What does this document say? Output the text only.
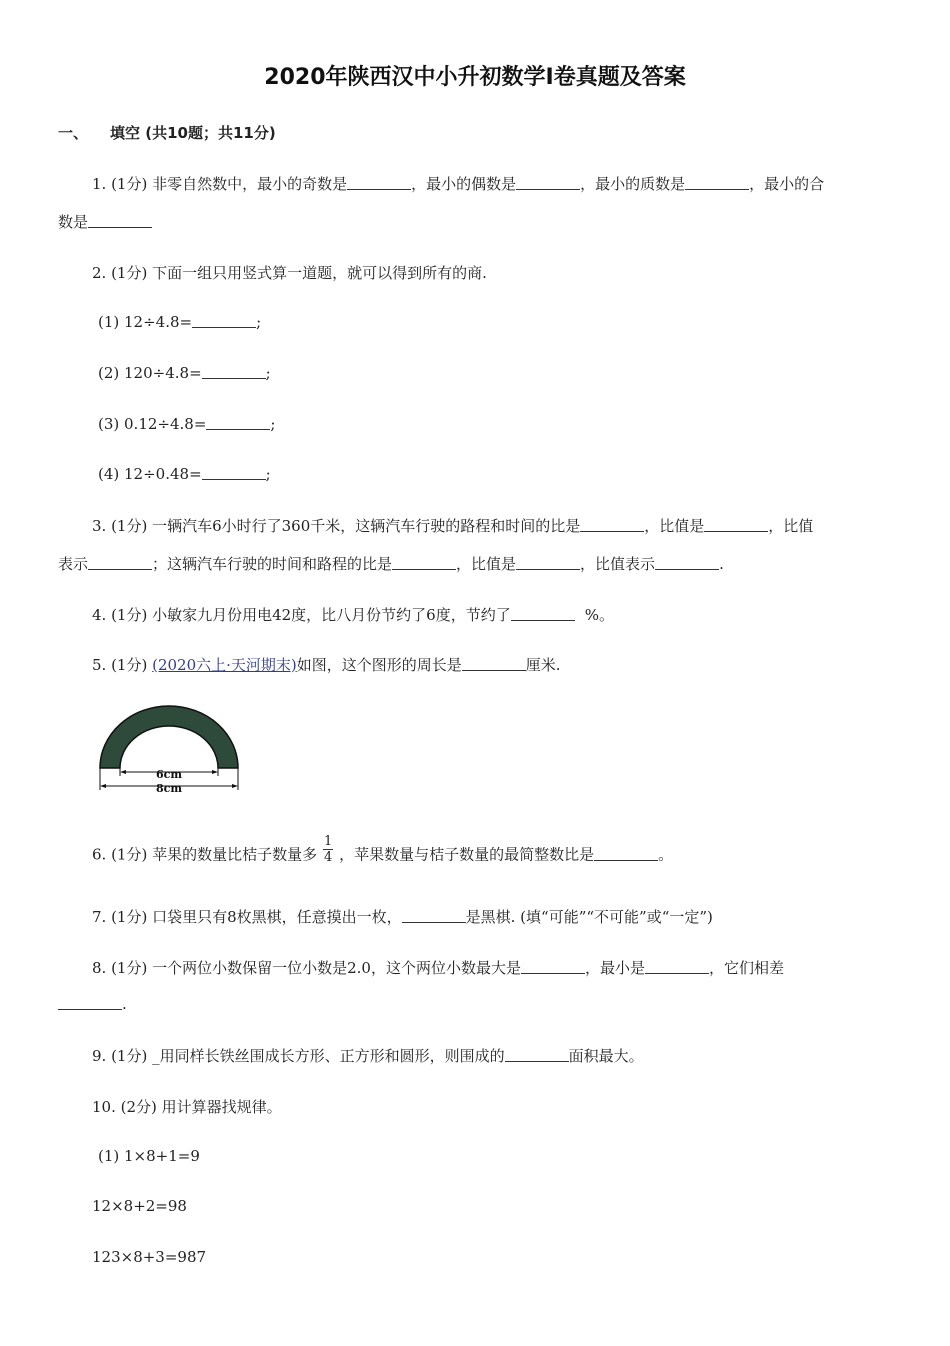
2020年陕西汉中小升初数学Ⅰ卷真题及答案
一、 填空 (共10题；共11分)
1. (1分) 非零自然数中，最小的奇数是	，最小的偶数是	，最小的质数是	，最小的合
数是
2. (1分) 下面一组只用竖式算一道题，就可以得到所有的商.
(1) 12÷4.8=	;
(2) 120÷4.8=	;
(3) 0.12÷4.8=	;
(4) 12÷0.48=	;
3. (1分) 一辆汽车6小时行了360千米，这辆汽车行驶的路程和时间的比是	，比值是	，比值
表示	；这辆汽车行驶的时间和路程的比是	，比值是	，比值表示	.
4. (1分) 小敏家九月份用电42度，比八月份节约了6度，节约了	%。
5. (1分) (2020六上·天河期末)如图，这个图形的周长是	厘米.
6cm
8cm
6. (1分) 苹果的数量比桔子数量多 $\frac{1}{4}$ ，苹果数量与桔子数量的最简整数比是	。
7. (1分) 口袋里只有8枚黑棋，任意摸出一枚，	是黑棋. (填“可能”“不可能”或“一定”)
8. (1分) 一个两位小数保留一位小数是2.0，这个两位小数最大是	，最小是	，它们相差
.
9. (1分) _用同样长铁丝围成长方形、正方形和圆形，则围成的	面积最大。
10. (2分) 用计算器找规律。
(1) 1×8+1=9
12×8+2=98
123×8+3=987
